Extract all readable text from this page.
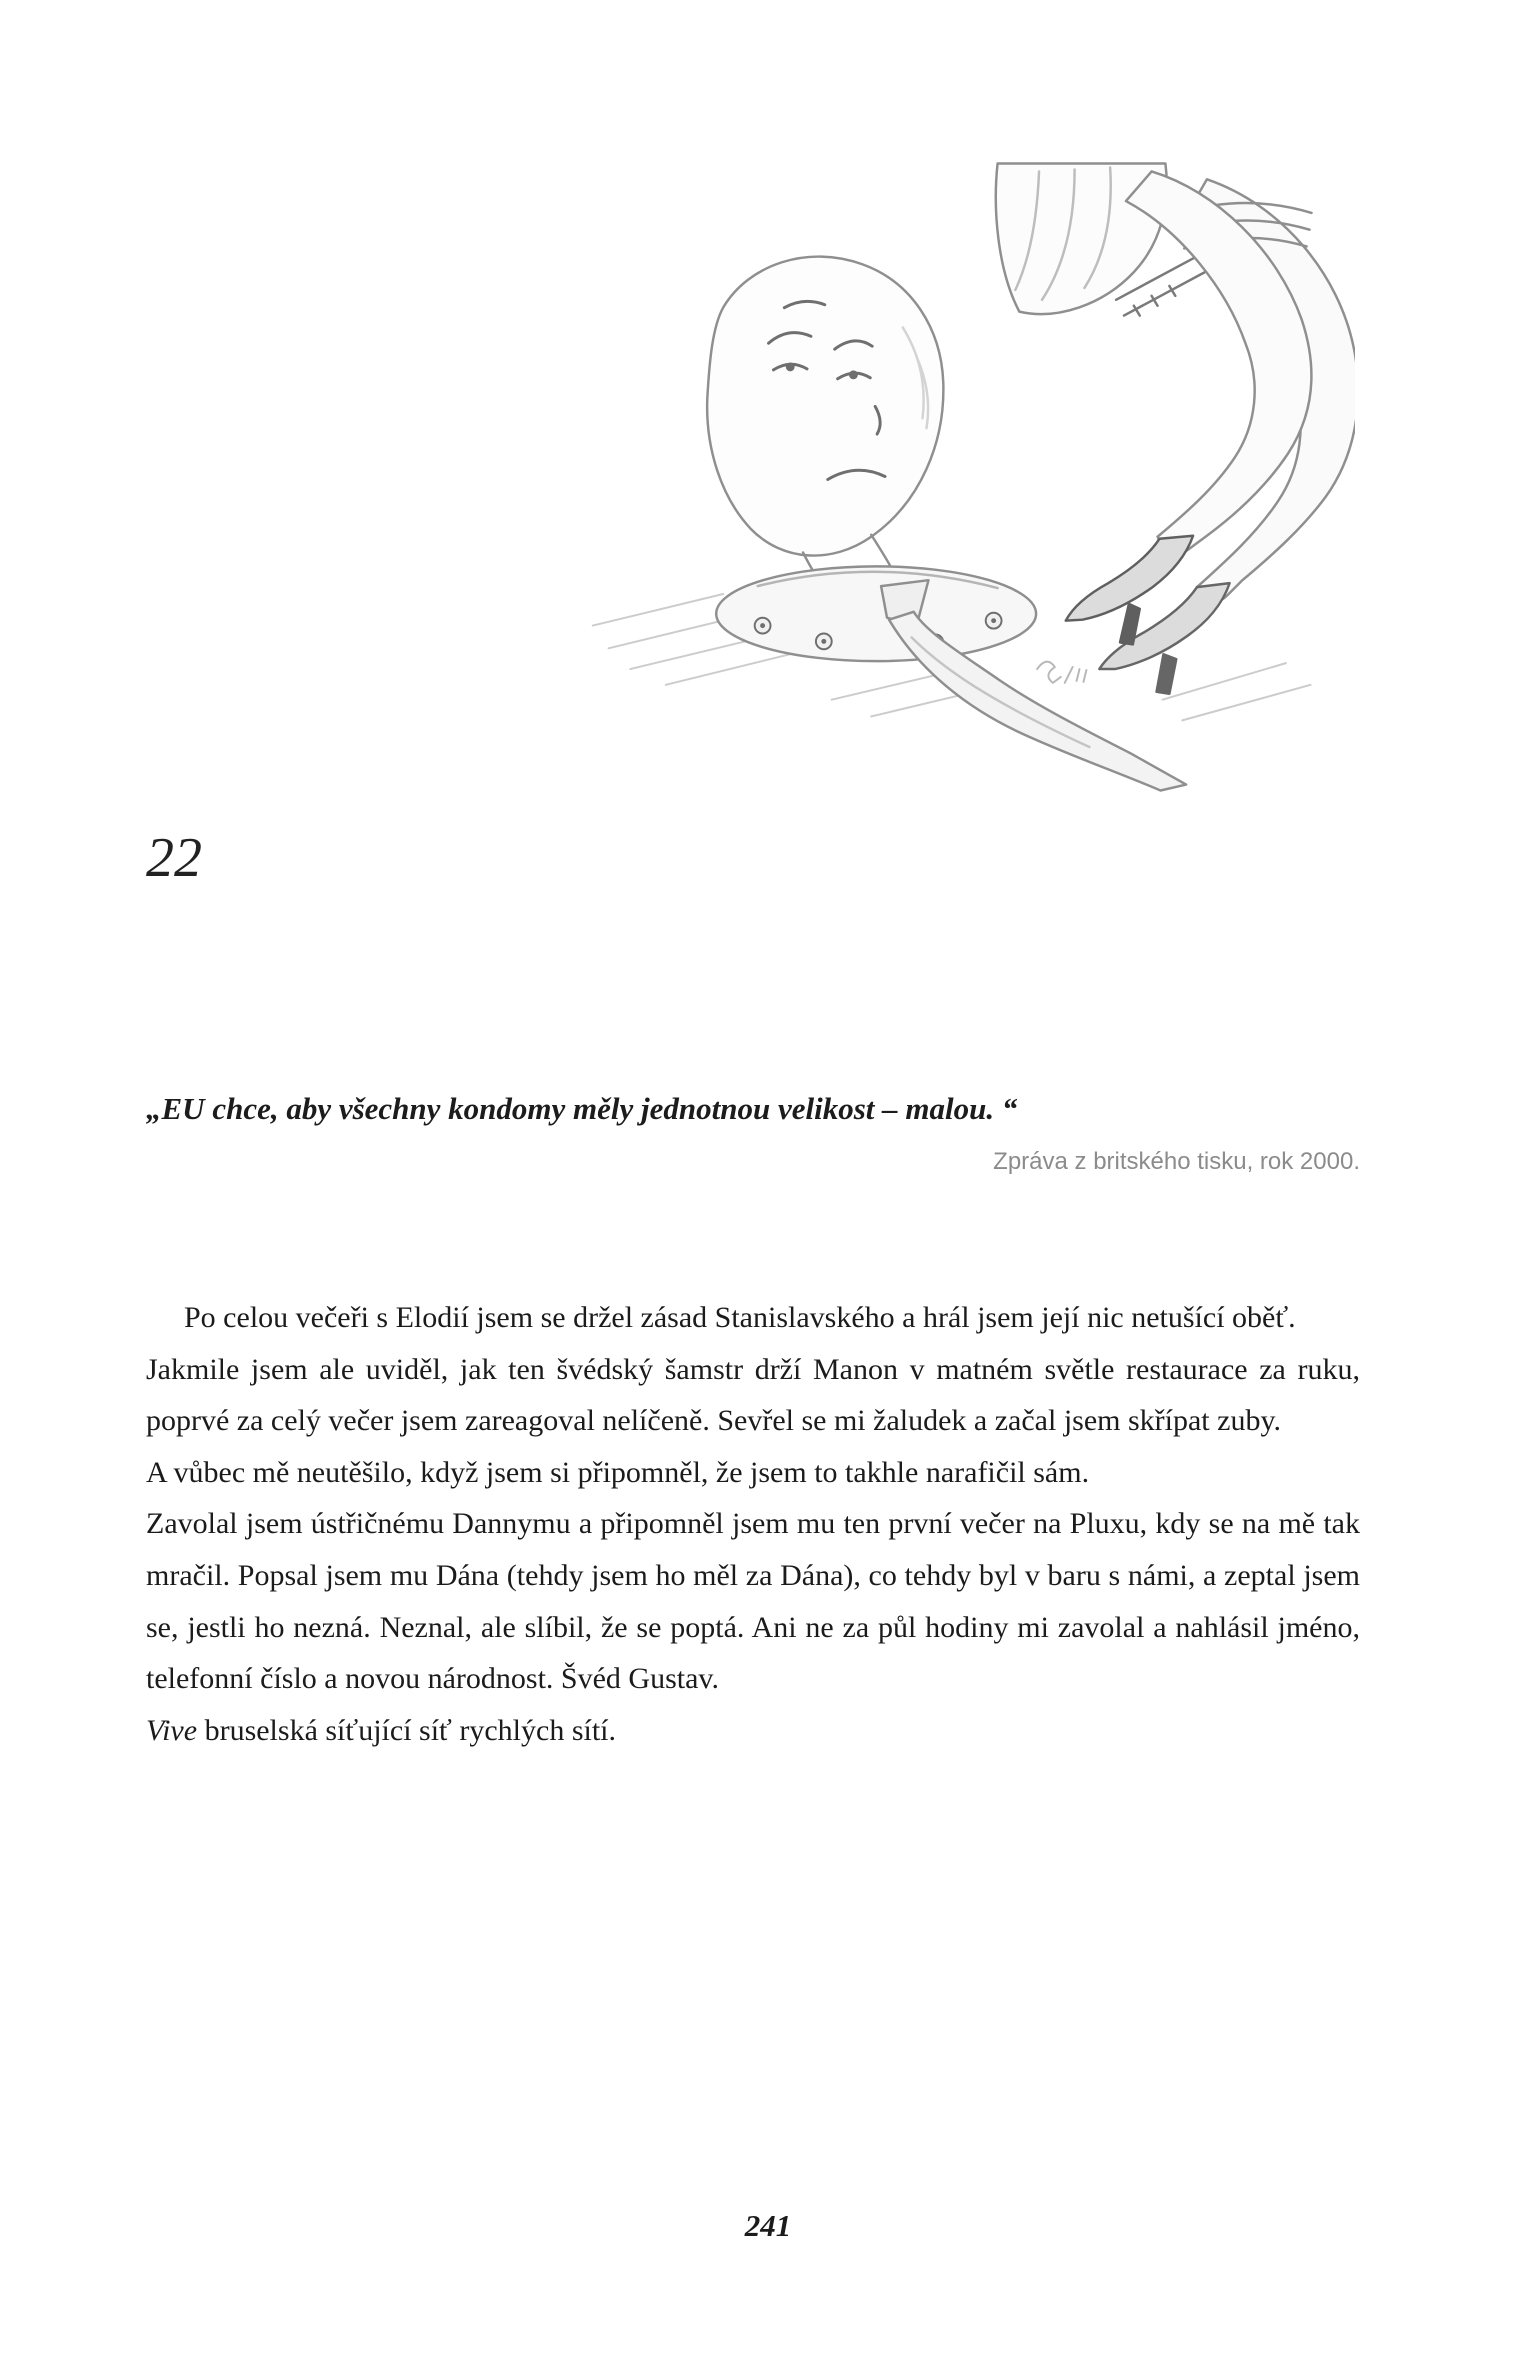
22
„EU chce, aby všechny kondomy měly jednotnou velikost – malou. “
Zpráva z britského tisku, rok 2000.

Po celou večeři s Elodií jsem se držel zásad Stanislavského a hrál jsem její nic netušící oběť.

Jakmile jsem ale uviděl, jak ten švédský šamstr drží Manon v matném světle restaurace za ruku, poprvé za celý večer jsem zareagoval nelíčeně. Sevřel se mi žaludek a začal jsem skřípat zuby.

A vůbec mě neutěšilo, když jsem si připomněl, že jsem to takhle narafičil sám.

Zavolal jsem ústřičnému Dannymu a připomněl jsem mu ten první večer na Pluxu, kdy se na mě tak mračil. Popsal jsem mu Dána (tehdy jsem ho měl za Dána), co tehdy byl v baru s námi, a zeptal jsem se, jestli ho nezná. Neznal, ale slíbil, že se poptá. Ani ne za půl hodiny mi zavolal a nahlásil jméno, telefonní číslo a novou národnost. Švéd Gustav.

Vive bruselská síťující síť rychlých sítí.

241
